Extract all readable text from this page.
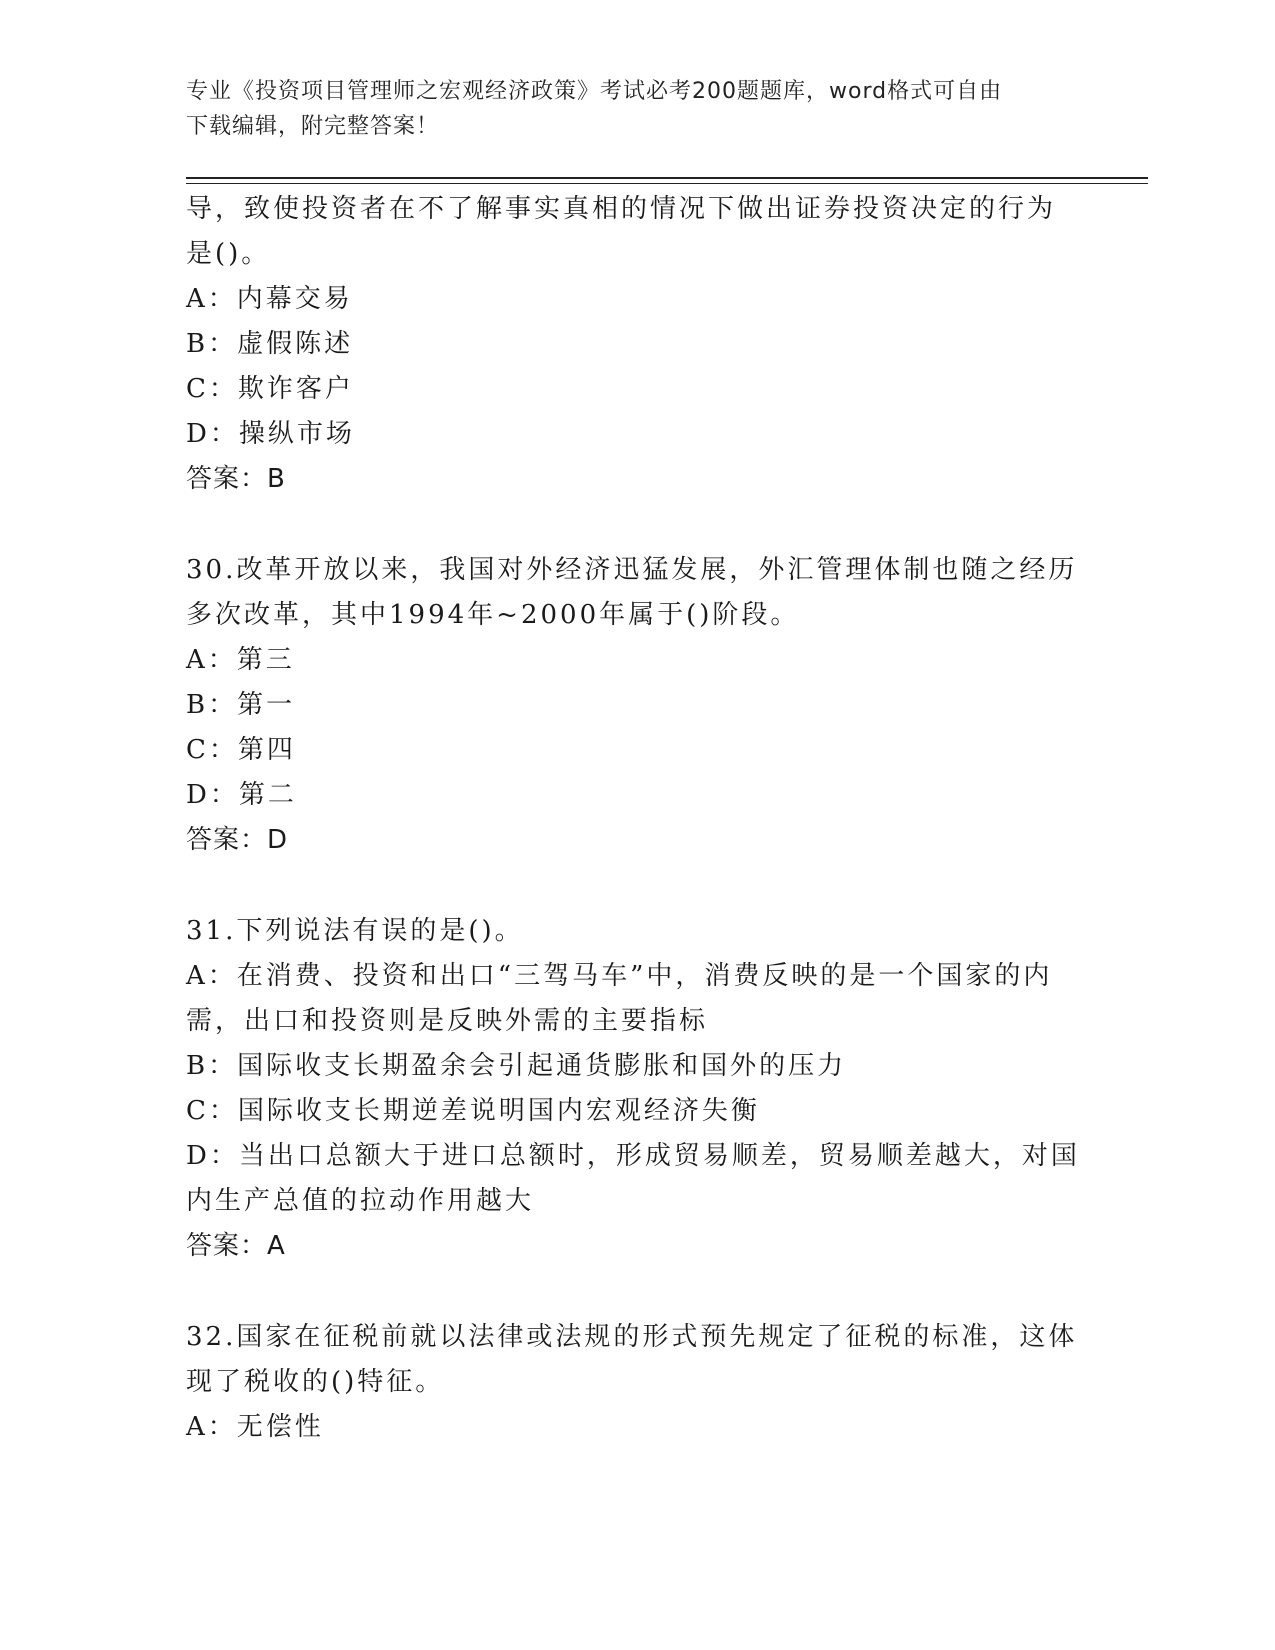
专业《投资项目管理师之宏观经济政策》考试必考200题题库，word格式可自由
下载编辑，附完整答案！
导，致使投资者在不了解事实真相的情况下做出证券投资决定的行为
是()。
A：内幕交易
B：虚假陈述
C：欺诈客户
D：操纵市场
答案：B
30.改革开放以来，我国对外经济迅猛发展，外汇管理体制也随之经历
多次改革，其中1994年~2000年属于()阶段。
A：第三
B：第一
C：第四
D：第二
答案：D
31.下列说法有误的是()。
A：在消费、投资和出口“三驾马车”中，消费反映的是一个国家的内
需，出口和投资则是反映外需的主要指标
B：国际收支长期盈余会引起通货膨胀和国外的压力
C：国际收支长期逆差说明国内宏观经济失衡
D：当出口总额大于进口总额时，形成贸易顺差，贸易顺差越大，对国
内生产总值的拉动作用越大
答案：A
32.国家在征税前就以法律或法规的形式预先规定了征税的标准，这体
现了税收的()特征。
A：无偿性
